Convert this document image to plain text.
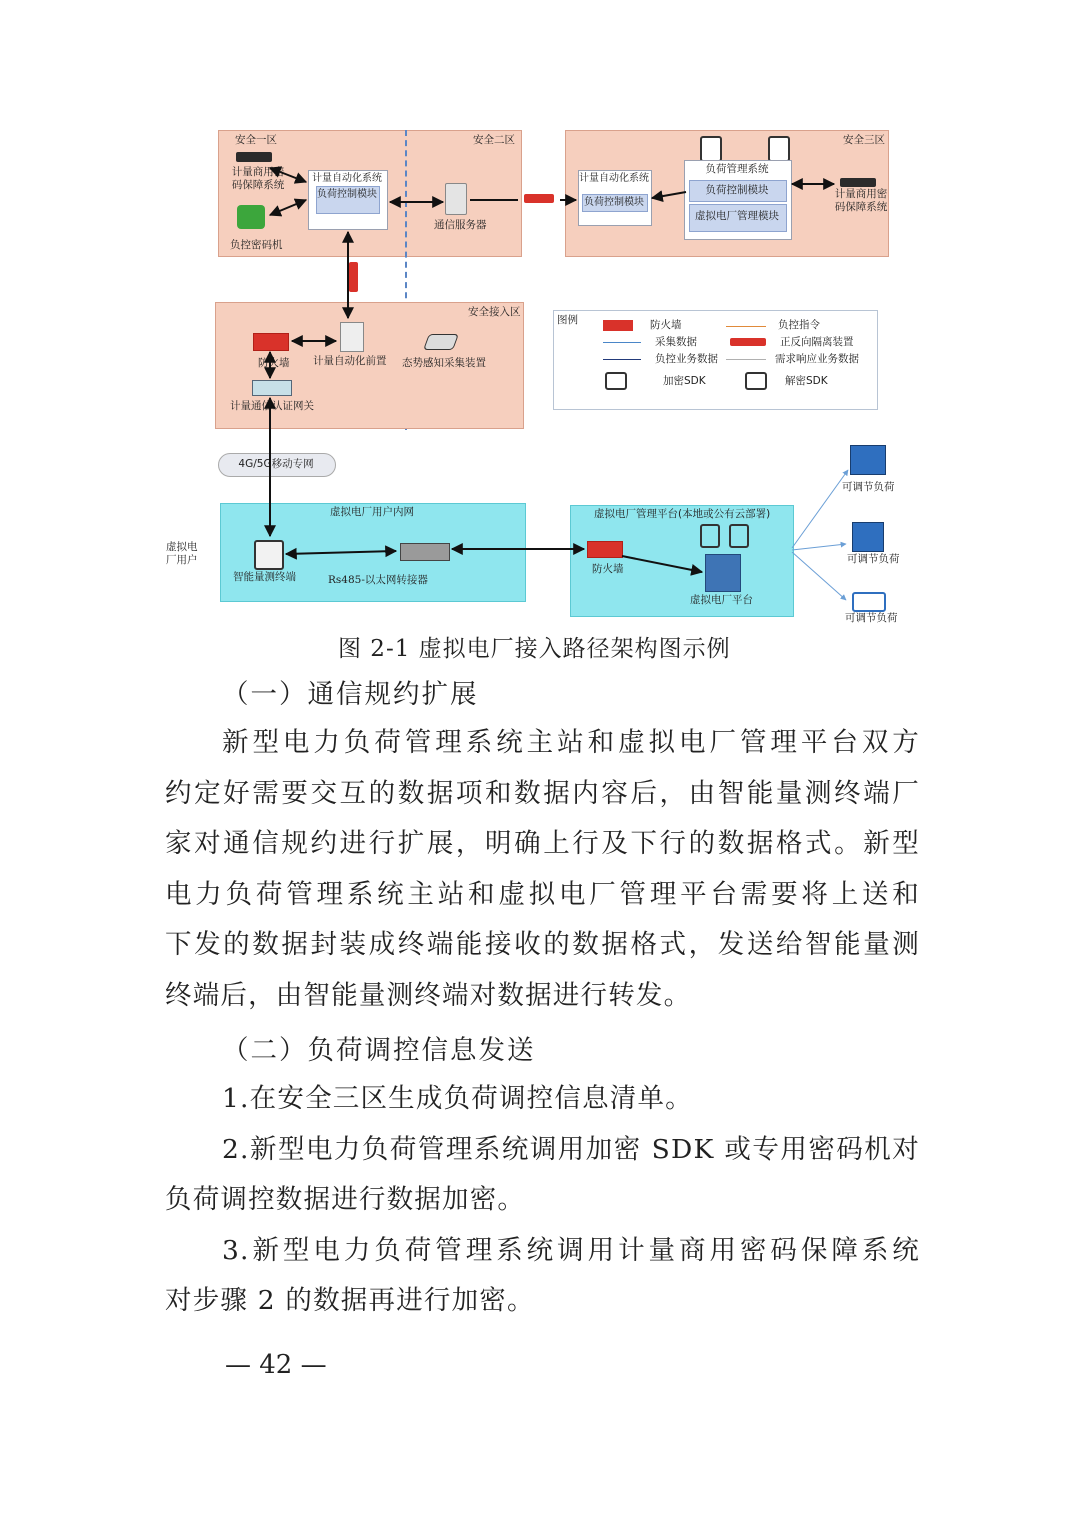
安全一区	安全二区
计量商用密码保障系统
负控密码机
计量自动化系统
负荷控制模块
通信服务器
安全三区
计量自动化系统
负荷控制模块
负荷管理系统
负荷控制模块
虚拟电厂管理模块
计量商用密码保障系统
安全接入区
防火墙 计量自动化前置 态势感知采集装置
计量通信认证网关
图例	防火墙	负控指令
采集数据	正反向隔离装置
负控业务数据	需求响应业务数据
加密SDK	解密SDK
4G/5G移动专网
虚拟电厂用户
虚拟电厂用户内网
智能量测终端	Rs485-以太网转接器
虚拟电厂管理平台(本地或公有云部署)
防火墙
虚拟电厂平台
可调节负荷
可调节负荷
可调节负荷
图 2-1 虚拟电厂接入路径架构图示例
（一）通信规约扩展
新型电力负荷管理系统主站和虚拟电厂管理平台双方
约定好需要交互的数据项和数据内容后，由智能量测终端厂
家对通信规约进行扩展，明确上行及下行的数据格式。新型
电力负荷管理系统主站和虚拟电厂管理平台需要将上送和
下发的数据封装成终端能接收的数据格式，发送给智能量测
终端后，由智能量测终端对数据进行转发。
（二）负荷调控信息发送
1.在安全三区生成负荷调控信息清单。
2.新型电力负荷管理系统调用加密 SDK 或专用密码机对
负荷调控数据进行数据加密。
3.新型电力负荷管理系统调用计量商用密码保障系统
对步骤 2 的数据再进行加密。
— 42 —
